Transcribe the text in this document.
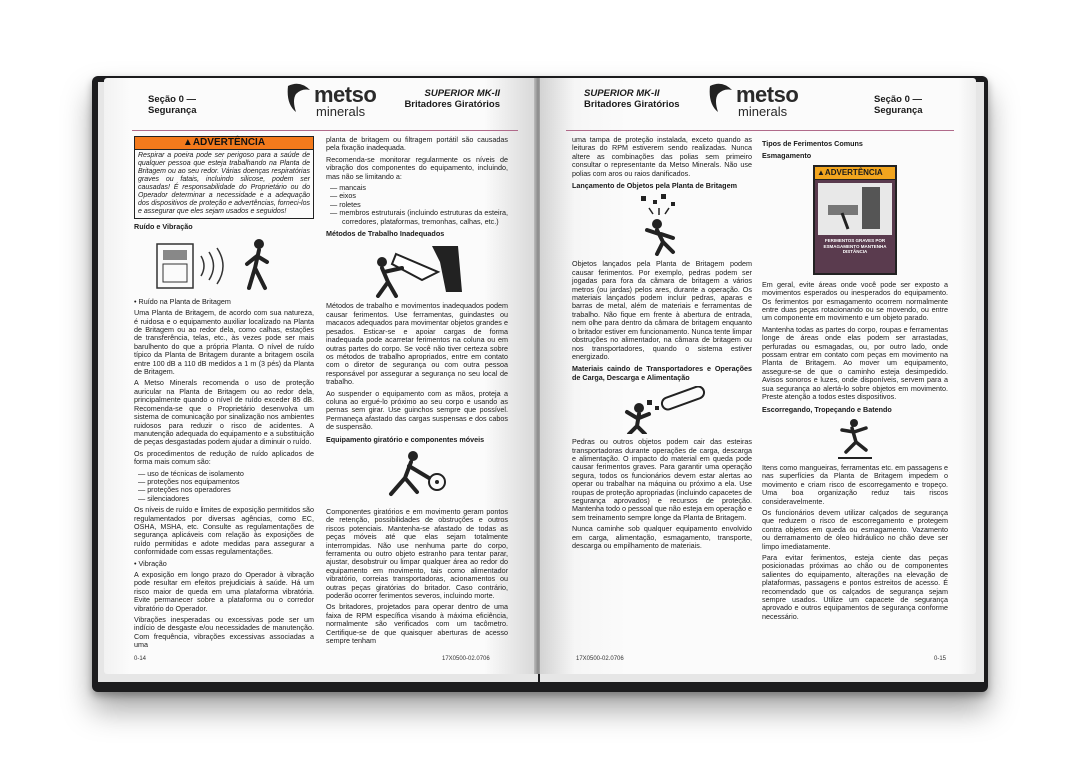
Seção 0 —
Segurança
metso
minerals
SUPERIOR MK-II
Britadores Giratórios
▲ADVERTÊNCIA
Respirar a poeira pode ser perigoso para a saúde de qualquer pessoa que esteja trabalhando na Planta de Britagem ou ao seu redor. Várias doenças respiratórias graves ou fatais, incluindo silicose, podem ser causadas! É responsabilidade do Proprietário ou do Operador determinar a necessidade e a adequação dos dispositivos de proteção e advertências, forneci-los e assegurar que eles sejam usados e seguidos!
Ruído e Vibração

• Ruído na Planta de Britagem

Uma Planta de Britagem, de acordo com sua natureza, é ruidosa e o equipamento auxiliar localizado na Planta de Britagem ou ao redor dela, como calhas, estações de transferência, telas, etc., às vezes pode ser mais barulhento do que a própria Planta. O nível de ruído típico da Planta de Britagem durante a britagem oscila entre 100 dB a 110 dB medidos a 1 m (3 pés) da Planta de Britagem.

A Metso Minerals recomenda o uso de proteção auricular na Planta de Britagem ou ao redor dela, principalmente quando o nível de ruído exceder 85 dB. Recomenda-se que o Proprietário desenvolva um sistema de comunicação por sinalização nos ambientes ruidosos para reduzir o risco de acidentes. A manutenção adequada do equipamento e a substituição de peças desgastadas podem ajudar a diminuir o ruído.

Os procedimentos de redução de ruído aplicados de forma mais comum são:

— uso de técnicas de isolamento
— proteções nos equipamentos
— proteções nos operadores
— silenciadores

Os níveis de ruído e limites de exposição permitidos são regulamentados por diversas agências, como EC, OSHA, MSHA, etc. Consulte as regulamentações de segurança aplicáveis com relação às exposições de ruído permitidas e adote medidas para assegurar a conformidade com essas regulamentações.

• Vibração

A exposição em longo prazo do Operador à vibração pode resultar em efeitos prejudiciais à saúde. Há um risco maior de queda em uma plataforma vibratória. Evite permanecer sobre a plataforma ou o corredor vibratório do Operador.

Vibrações inesperadas ou excessivas pode ser um indício de desgaste e/ou necessidades de manutenção. Com frequência, vibrações excessivas associadas a uma

planta de britagem ou filtragem portátil são causadas pela fixação inadequada.

Recomenda-se monitorar regularmente os níveis de vibração dos componentes do equipamento, incluindo, mas não se limitando a:

— mancais
— eixos
— roletes
— membros estruturais (incluindo estruturas da esteira, corredores, plataformas, tremonhas, calhas, etc.)
Métodos de Trabalho Inadequados

Métodos de trabalho e movimentos inadequados podem causar ferimentos. Use ferramentas, guindastes ou macacos adequados para movimentar objetos grandes e pesados. Esticar-se e apoiar cargas de forma inadequada pode acarretar ferimentos na coluna ou em outras partes do corpo. Se você não tiver certeza sobre os métodos de trabalho apropriados, entre em contato com o diretor de segurança ou com outra pessoa responsável por assegurar a segurança no seu local de trabalho.

Ao suspender o equipamento com as mãos, proteja a coluna ao ergué-lo próximo ao seu corpo e usando as pernas sem girar. Use guinchos sempre que possível. Permaneça afastado das cargas suspensas e dos cabos de suspensão.

Equipamento giratório e componentes móveis

Componentes giratórios e em movimento geram pontos de retenção, possibilidades de obstruções e outros riscos potenciais. Mantenha-se afastado de todas as peças móveis até que elas sejam totalmente interrompidas. Não use nenhuma parte do corpo, ferramenta ou outro objeto estranho para tentar parar, ajustar, desobstruir ou limpar qualquer área ao redor do equipamento em movimento, tais como alimentador vibratório, correias transportadoras, acionamentos ou outras peças giratórias do britador. Caso contrário, poderão ocorrer ferimentos severos, incluindo morte.

Os britadores, projetados para operar dentro de uma faixa de RPM específica visando à máxima eficiência, normalmente são verificados com um tacômetro. Certifique-se de que quaisquer aberturas de acesso sempre tenham

0-14	17X0500-02.0706
SUPERIOR MK-II
Britadores Giratórios	metso
minerals
Seção 0 —
Segurança

uma tampa de proteção instalada, exceto quando as leituras do RPM estiverem sendo realizadas. Nunca altere as combinações das polias sem primeiro consultar o representante da Metso Minerals. Não use polias com aros ou raios danificados.

Lançamento de Objetos pela Planta de Britagem

Objetos lançados pela Planta de Britagem podem causar ferimentos. Por exemplo, pedras podem ser jogadas para fora da câmara de britagem a vários metros (ou jardas) pelos ares, durante a operação. Os materiais lançados podem incluir pedras, aparas e barras de metal, além de materiais e ferramentas de trabalho. Não fique em frente à abertura de entrada, nem olhe para dentro da câmara de britagem enquanto o britador estiver em funcionamento. Nunca tente limpar obstruções no alimentador, na câmara de britagem ou nos transportadores, quando o sistema estiver energizado.

Materiais caindo de Transportadores e Operações de Carga, Descarga e Alimentação

Pedras ou outros objetos podem cair das esteiras transportadoras durante operações de carga, descarga e alimentação. O impacto do material em queda pode causar ferimentos graves. Para garantir uma operação segura, todos os funcionários devem estar alertas ao operar ou trabalhar na máquina ou próximo a ela. Use roupas de proteção apropriadas (incluindo capacetes de segurança aprovados) e recursos de proteção. Mantenha todo o pessoal que não esteja em operação e sem treinamento sempre longe da Planta de Britagem.

Nunca caminhe sob qualquer equipamento envolvido em carga, alimentação, esmagamento, transporte, descarga ou empilhamento de materiais.

Tipos de Ferimentos Comuns
Esmagamento
▲ADVERTÊNCIA
FERIMENTOS GRAVES POR ESMAGAMENTO MANTENHA DISTÂNCIA

Em geral, evite áreas onde você pode ser exposto a movimentos esperados ou inesperados do equipamento. Os ferimentos por esmagamento ocorrem normalmente entre duas peças rotacionando ou se movendo, ou entre um componente em movimento e um objeto parado.

Mantenha todas as partes do corpo, roupas e ferramentas longe de áreas onde elas podem ser arrastadas, perfuradas ou esmagadas, ou, por outro lado, onde possam entrar em contato com peças em movimento na Planta de Britagem. Ao mover um equipamento, assegure-se de que o caminho esteja desimpedido. Avisos sonoros e luzes, onde disponíveis, servem para a sua segurança ao alertá-lo sobre objetos em movimento. Preste atenção a todos estes dispositivos.

Escorregando, Tropeçando e Batendo

Itens como mangueiras, ferramentas etc. em passagens e nas superfícies da Planta de Britagem impedem o movimento e criam risco de escorregamento e tropeço. Uma boa organização reduz tais riscos consideravelmente.

Os funcionários devem utilizar calçados de segurança que reduzem o risco de escorregamento e protegem contra objetos em queda ou esmagamento. Vazamento ou derramamento de óleo hidráulico no chão deve ser limpo imediatamente.

Para evitar ferimentos, esteja ciente das peças posicionadas próximas ao chão ou de componentes salientes do equipamento, alterações na elevação de plataformas, passagens e pontos estreitos de acesso. É recomendado que os calçados de segurança sejam sempre usados. Utilize um capacete de segurança aprovado e outros equipamentos de segurança conforme necessário.

17X0500-02.0706	0-15
